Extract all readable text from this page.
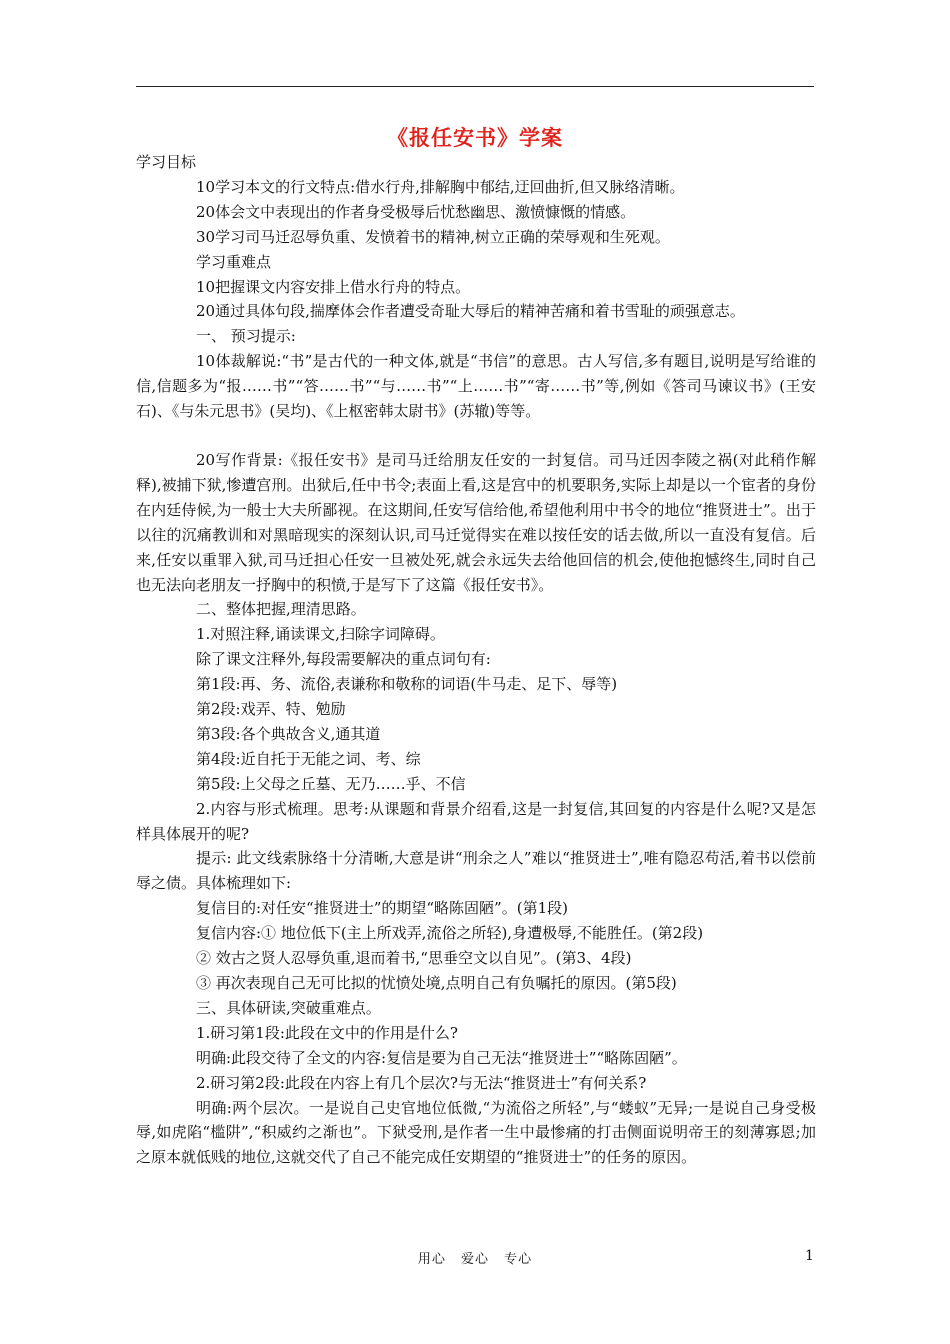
《报任安书》学案

学习目标

10学习本文的行文特点:借水行舟,排解胸中郁结,迂回曲折,但又脉络清晰。

20体会文中表现出的作者身受极辱后忧愁幽思、激愤慷慨的情感。

30学习司马迁忍辱负重、发愤着书的精神,树立正确的荣辱观和生死观。

学习重难点

10把握课文内容安排上借水行舟的特点。

20通过具体句段,揣摩体会作者遭受奇耻大辱后的精神苦痛和着书雪耻的顽强意志。

一、 预习提示:

10体裁解说:“书”是古代的一种文体,就是“书信”的意思。古人写信,多有题目,说明是写给谁的信,信题多为“报……书”“答……书”“与……书”“上……书”“寄……书”等,例如《答司马谏议书》(王安石)、《与朱元思书》(吴均)、《上枢密韩太尉书》(苏辙)等等。

20写作背景:《报任安书》是司马迁给朋友任安的一封复信。司马迁因李陵之祸(对此稍作解释),被捕下狱,惨遭宫刑。出狱后,任中书令;表面上看,这是宫中的机要职务,实际上却是以一个宦者的身份在内廷侍候,为一般士大夫所鄙视。在这期间,任安写信给他,希望他利用中书令的地位“推贤进士”。出于以往的沉痛教训和对黑暗现实的深刻认识,司马迁觉得实在难以按任安的话去做,所以一直没有复信。后来,任安以重罪入狱,司马迁担心任安一旦被处死,就会永远失去给他回信的机会,使他抱憾终生,同时自己也无法向老朋友一抒胸中的积愤,于是写下了这篇《报任安书》。

二、整体把握,理清思路。

1.对照注释,诵读课文,扫除字词障碍。

除了课文注释外,每段需要解决的重点词句有:

第1段:再、务、流俗,表谦称和敬称的词语(牛马走、足下、辱等)

第2段:戏弄、特、勉励

第3段:各个典故含义,通其道

第4段:近自托于无能之词、考、综

第5段:上父母之丘墓、无乃……乎、不信

2.内容与形式梳理。思考:从课题和背景介绍看,这是一封复信,其回复的内容是什么呢?又是怎样具体展开的呢?

提示: 此文线索脉络十分清晰,大意是讲“刑余之人”难以“推贤进士”,唯有隐忍苟活,着书以偿前辱之债。具体梳理如下:

复信目的:对任安“推贤进士”的期望“略陈固陋”。(第1段)

复信内容:① 地位低下(主上所戏弄,流俗之所轻),身遭极辱,不能胜任。(第2段)

② 效古之贤人忍辱负重,退而着书,“思垂空文以自见”。(第3、4段)

③ 再次表现自己无可比拟的忧愤处境,点明自己有负嘱托的原因。(第5段)

三、具体研读,突破重难点。

1.研习第1段:此段在文中的作用是什么?

明确:此段交待了全文的内容:复信是要为自己无法“推贤进士”“略陈固陋”。

2.研习第2段:此段在内容上有几个层次?与无法“推贤进士”有何关系?

明确:两个层次。一是说自己史官地位低微,“为流俗之所轻”,与“蝼蚁”无异;一是说自己身受极辱,如虎陷“槛阱”,“积威约之渐也”。下狱受刑,是作者一生中最惨痛的打击侧面说明帝王的刻薄寡恩;加之原本就低贱的地位,这就交代了自己不能完成任安期望的“推贤进士”的任务的原因。

用心 爱心 专心	1
